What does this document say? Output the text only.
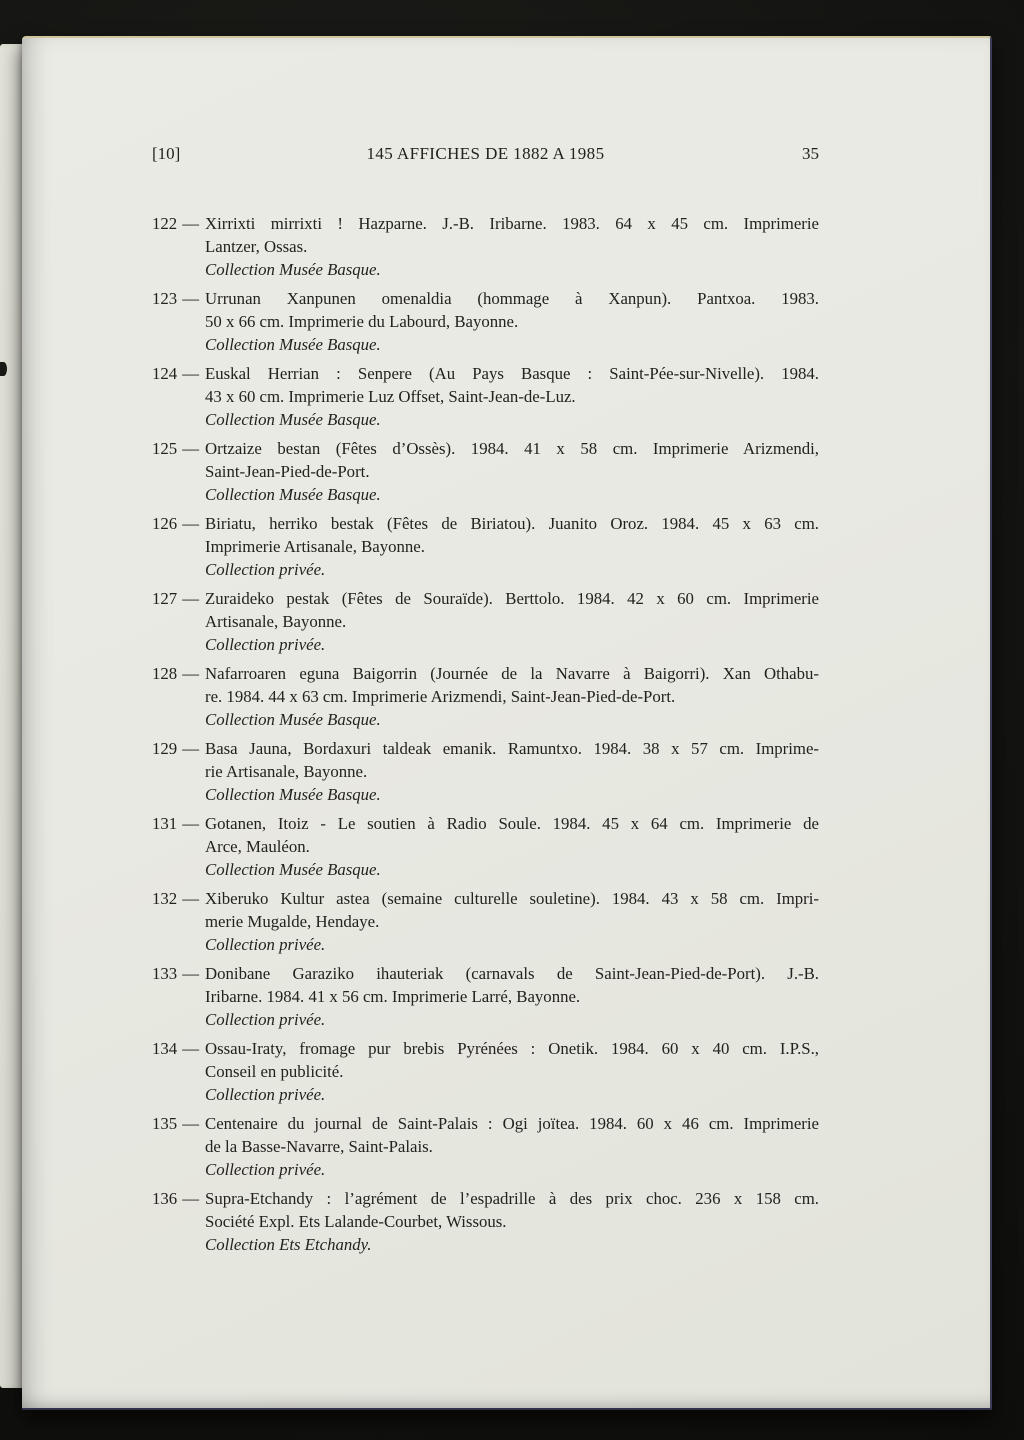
[10]	145 AFFICHES DE 1882 A 1985	35
122 — Xirrixti mirrixti ! Hazparne. J.-B. Iribarne. 1983. 64 x 45 cm. Imprimerie
Lantzer, Ossas.
Collection Musée Basque.
123 — Urrunan Xanpunen omenaldia (hommage à Xanpun). Pantxoa. 1983.
50 x 66 cm. Imprimerie du Labourd, Bayonne.
Collection Musée Basque.
124 — Euskal Herrian : Senpere (Au Pays Basque : Saint-Pée-sur-Nivelle). 1984.
43 x 60 cm. Imprimerie Luz Offset, Saint-Jean-de-Luz.
Collection Musée Basque.
125 — Ortzaize bestan (Fêtes d’Ossès). 1984. 41 x 58 cm. Imprimerie Arizmendi,
Saint-Jean-Pied-de-Port.
Collection Musée Basque.
126 — Biriatu, herriko bestak (Fêtes de Biriatou). Juanito Oroz. 1984. 45 x 63 cm.
Imprimerie Artisanale, Bayonne.
Collection privée.
127 — Zuraideko pestak (Fêtes de Souraïde). Berttolo. 1984. 42 x 60 cm. Imprimerie
Artisanale, Bayonne.
Collection privée.
128 — Nafarroaren eguna Baigorrin (Journée de la Navarre à Baigorri). Xan Othabu-
re. 1984. 44 x 63 cm. Imprimerie Arizmendi, Saint-Jean-Pied-de-Port.
Collection Musée Basque.
129 — Basa Jauna, Bordaxuri taldeak emanik. Ramuntxo. 1984. 38 x 57 cm. Imprime-
rie Artisanale, Bayonne.
Collection Musée Basque.
131 — Gotanen, Itoiz - Le soutien à Radio Soule. 1984. 45 x 64 cm. Imprimerie de
Arce, Mauléon.
Collection Musée Basque.
132 — Xiberuko Kultur astea (semaine culturelle souletine). 1984. 43 x 58 cm. Impri-
merie Mugalde, Hendaye.
Collection privée.
133 — Donibane Garaziko ihauteriak (carnavals de Saint-Jean-Pied-de-Port). J.-B.
Iribarne. 1984. 41 x 56 cm. Imprimerie Larré, Bayonne.
Collection privée.
134 — Ossau-Iraty, fromage pur brebis Pyrénées : Onetik. 1984. 60 x 40 cm. I.P.S.,
Conseil en publicité.
Collection privée.
135 — Centenaire du journal de Saint-Palais : Ogi joïtea. 1984. 60 x 46 cm. Imprimerie
de la Basse-Navarre, Saint-Palais.
Collection privée.
136 — Supra-Etchandy : l’agrément de l’espadrille à des prix choc. 236 x 158 cm.
Société Expl. Ets Lalande-Courbet, Wissous.
Collection Ets Etchandy.
